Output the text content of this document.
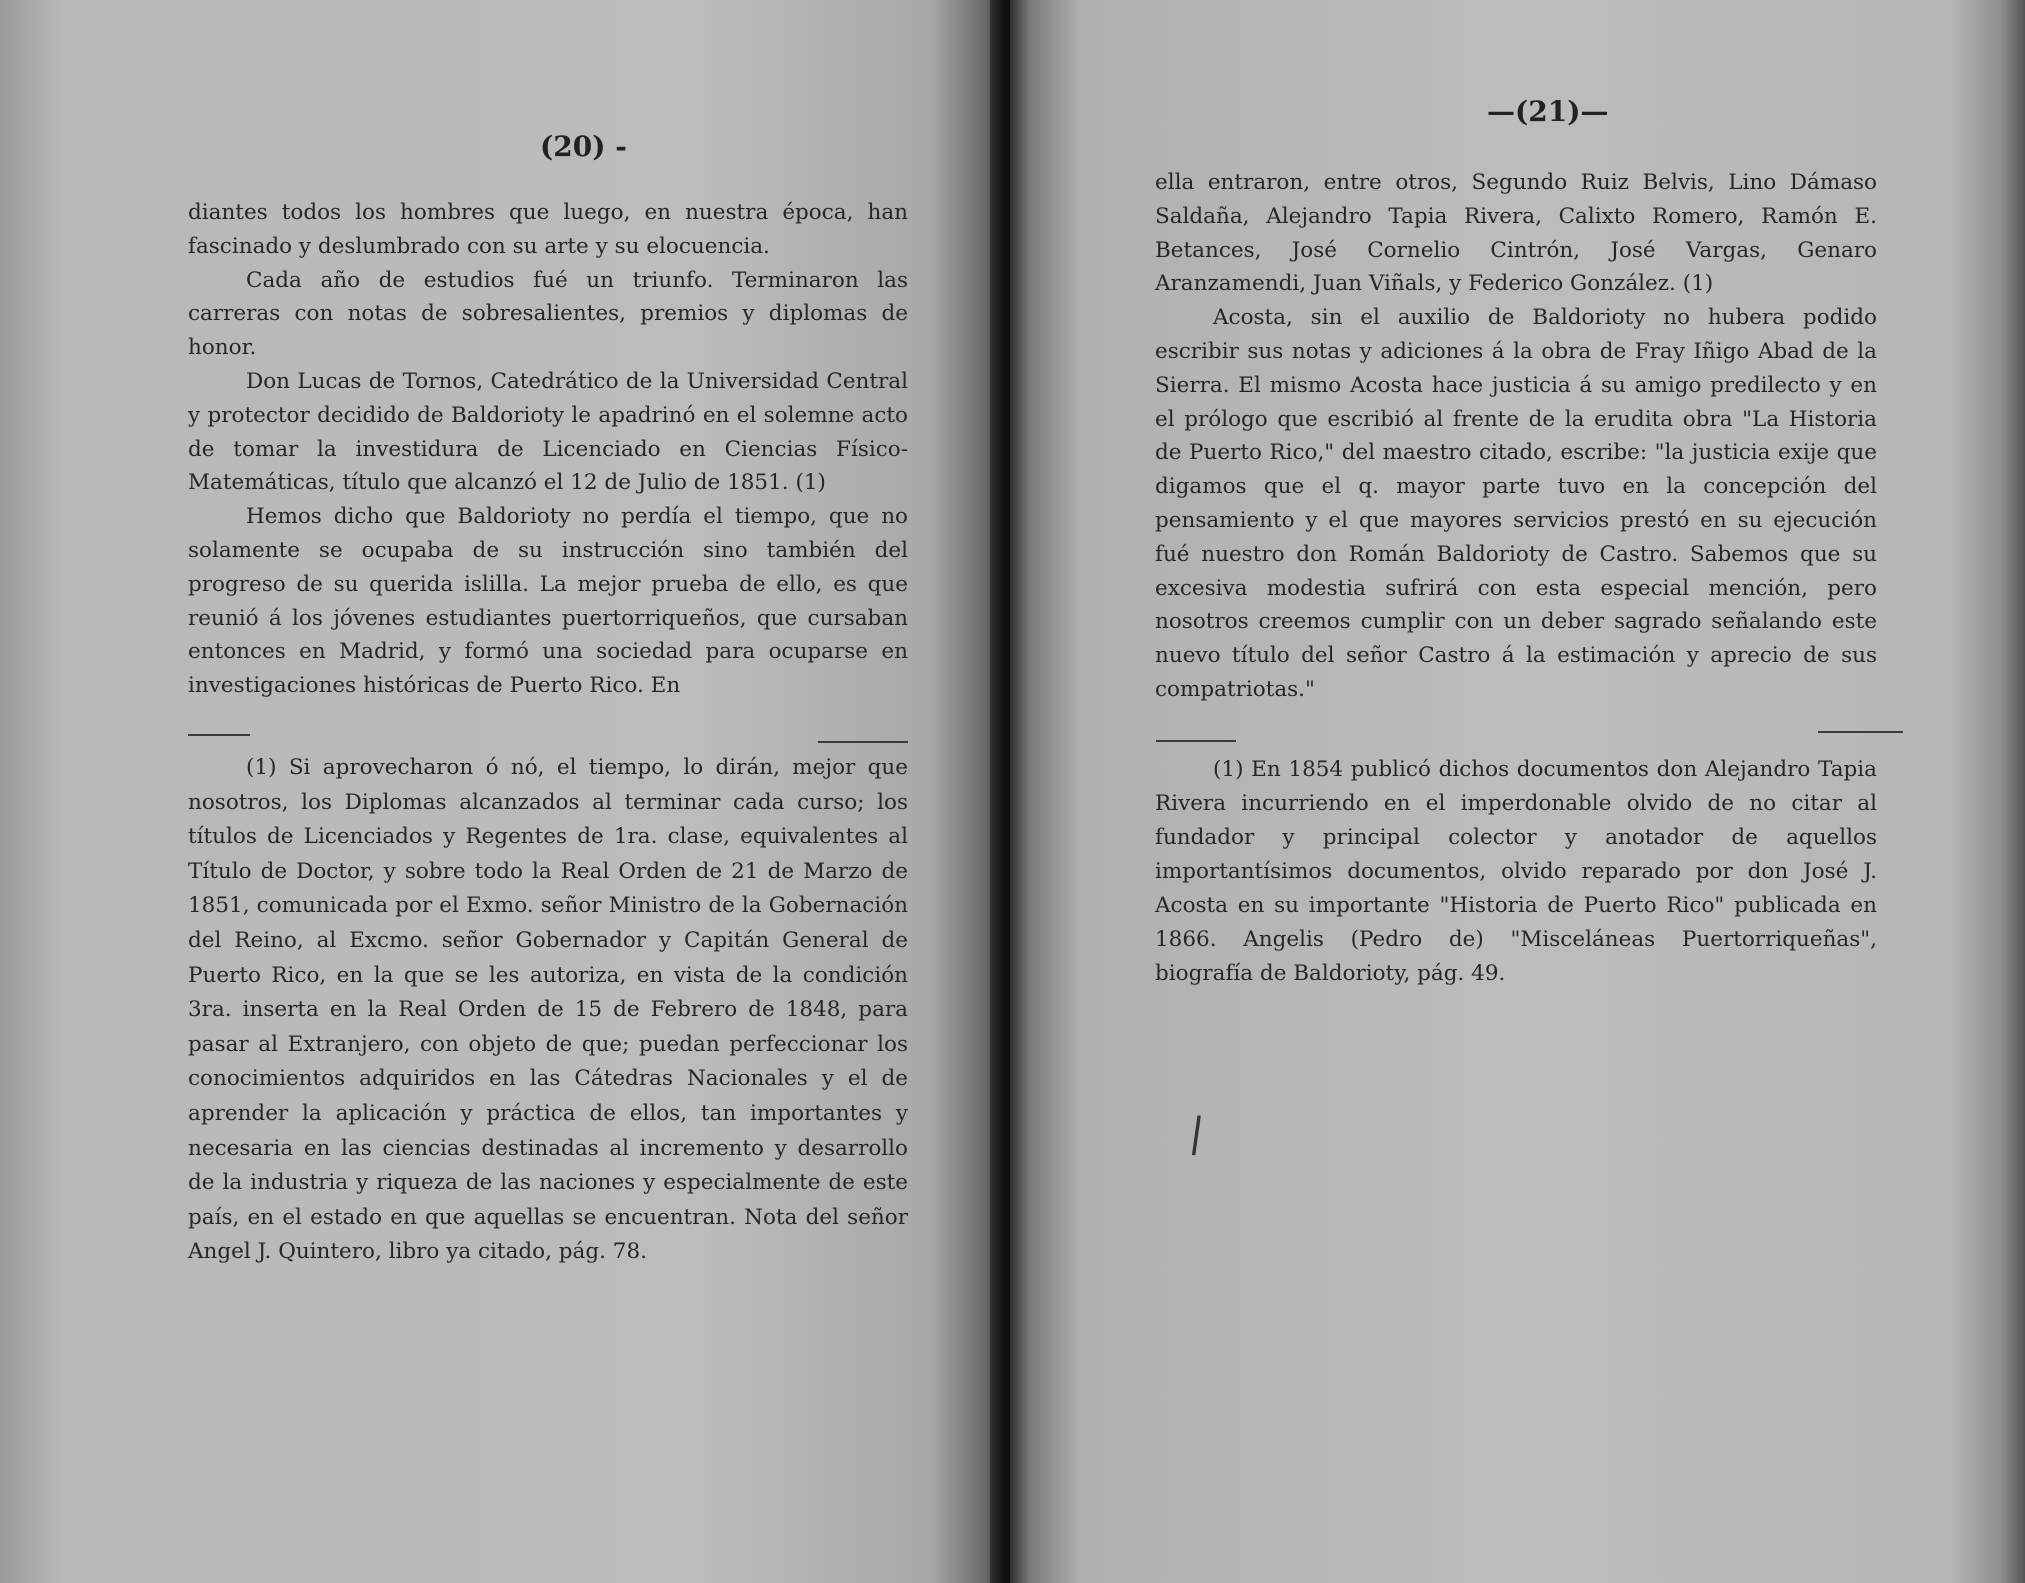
(20) -

diantes todos los hombres que luego, en nuestra época, han fascinado y deslumbrado con su arte y su elocuencia.

Cada año de estudios fué un triunfo. Terminaron las carreras con notas de sobresalientes, premios y diplomas de honor.

Don Lucas de Tornos, Catedrático de la Universidad Central y protector decidido de Baldorioty le apadrinó en el solemne acto de tomar la investidura de Licenciado en Ciencias Físico-Matemáticas, título que alcanzó el 12 de Julio de 1851. (1)

Hemos dicho que Baldorioty no perdía el tiempo, que no solamente se ocupaba de su instrucción sino también del progreso de su querida islilla. La mejor prueba de ello, es que reunió á los jóvenes estudiantes puertorriqueños, que cursaban entonces en Madrid, y formó una sociedad para ocuparse en investigaciones históricas de Puerto Rico. En

(1) Si aprovecharon ó nó, el tiempo, lo dirán, mejor que nosotros, los Diplomas alcanzados al terminar cada curso; los títulos de Licenciados y Regentes de 1ra. clase, equivalentes al Título de Doctor, y sobre todo la Real Orden de 21 de Marzo de 1851, comunicada por el Exmo. señor Ministro de la Gobernación del Reino, al Excmo. señor Gobernador y Capitán General de Puerto Rico, en la que se les autoriza, en vista de la condición 3ra. inserta en la Real Orden de 15 de Febrero de 1848, para pasar al Extranjero, con objeto de que; puedan perfeccionar los conocimientos adquiridos en las Cátedras Nacionales y el de aprender la aplicación y práctica de ellos, tan importantes y necesaria en las ciencias destinadas al incremento y desarrollo de la industria y riqueza de las naciones y especialmente de este país, en el estado en que aquellas se encuentran. Nota del señor Angel J. Quintero, libro ya citado, pág. 78.

—(21)—

ella entraron, entre otros, Segundo Ruiz Belvis, Lino Dámaso Saldaña, Alejandro Tapia Rivera, Calixto Romero, Ramón E. Betances, José Cornelio Cintrón, José Vargas, Genaro Aranzamendi, Juan Viñals, y Federico González. (1)

Acosta, sin el auxilio de Baldorioty no hubera podido escribir sus notas y adiciones á la obra de Fray Iñigo Abad de la Sierra. El mismo Acosta hace justicia á su amigo predilecto y en el prólogo que escribió al frente de la erudita obra "La Historia de Puerto Rico," del maestro citado, escribe: "la justicia exije que digamos que el q. mayor parte tuvo en la concepción del pensamiento y el que mayores servicios prestó en su ejecución fué nuestro don Román Baldorioty de Castro. Sabemos que su excesiva modestia sufrirá con esta especial mención, pero nosotros creemos cumplir con un deber sagrado señalando este nuevo título del señor Castro á la estimación y aprecio de sus compatriotas."

(1) En 1854 publicó dichos documentos don Alejandro Tapia Rivera incurriendo en el imperdonable olvido de no citar al fundador y principal colector y anotador de aquellos importantísimos documentos, olvido reparado por don José J. Acosta en su importante "Historia de Puerto Rico" publicada en 1866. Angelis (Pedro de) "Misceláneas Puertorriqueñas", biografía de Baldorioty, pág. 49.

|
